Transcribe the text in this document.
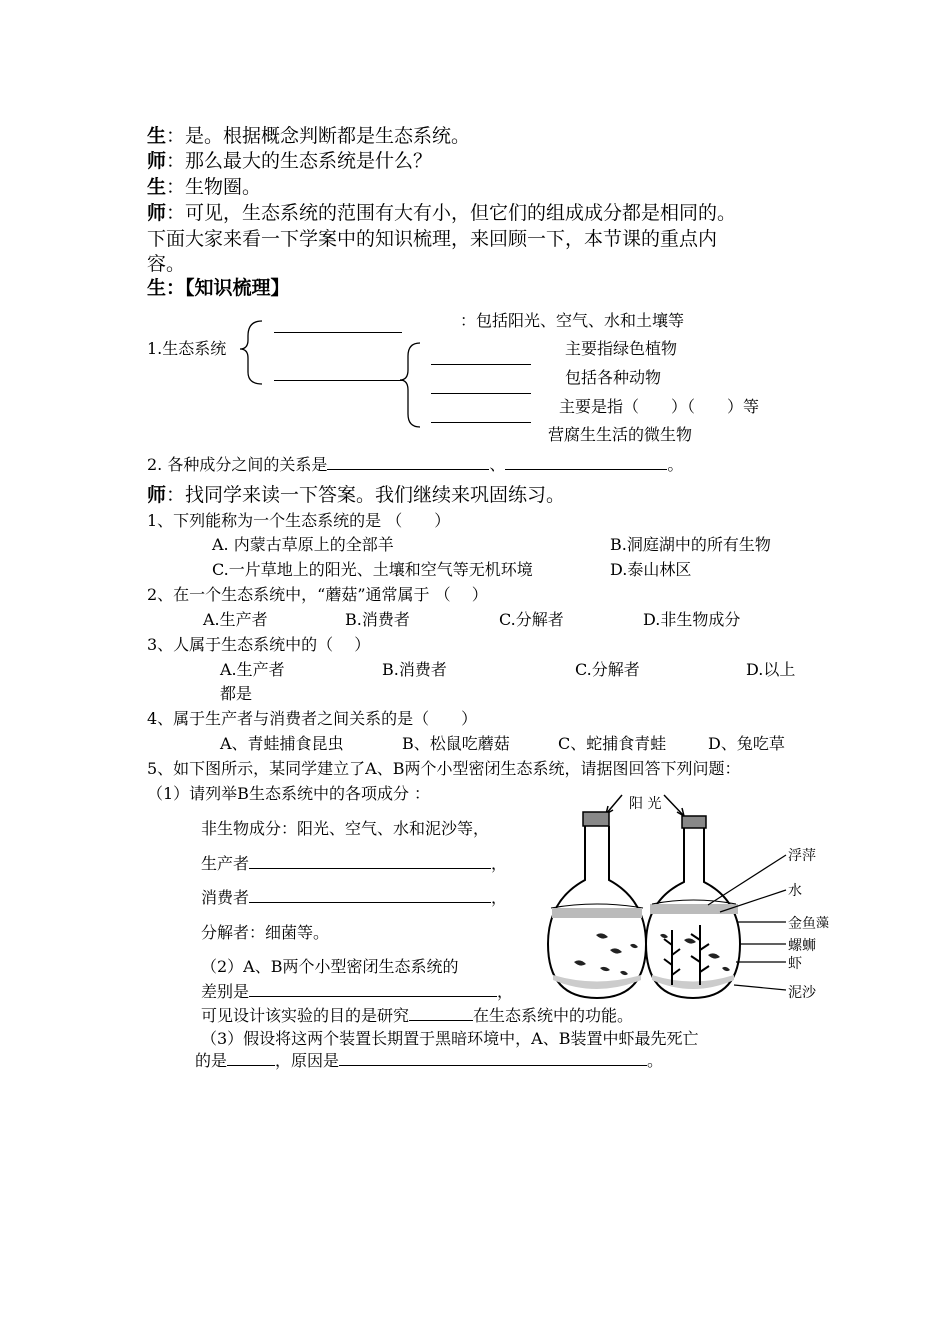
生：是。根据概念判断都是生态系统。
师：那么最大的生态系统是什么？
生：生物圈。
师：可见，生态系统的范围有大有小，但它们的组成成分都是相同的。
下面大家来看一下学案中的知识梳理，来回顾一下，本节课的重点内
容。
生：【知识梳理】
1.生态系统
：包括阳光、空气、水和土壤等
主要指绿色植物
包括各种动物
主要是指（　　）（　　）等
营腐生生活的微生物
2. 各种成分之间的关系是	、	。
师：找同学来读一下答案。我们继续来巩固练习。
1、下列能称为一个生态系统的是 （　　）
A. 内蒙古草原上的全部羊	B.洞庭湖中的所有生物
C.一片草地上的阳光、土壤和空气等无机环境	D.泰山林区
2、在一个生态系统中，“蘑菇”通常属于 （　 ）
A.生产者	B.消费者	C.分解者	D.非生物成分
3、人属于生态系统中的（　 ）
A.生产者	B.消费者	C.分解者	D.以上
都是
4、属于生产者与消费者之间关系的是（　　）
A、青蛙捕食昆虫	B、松鼠吃蘑菇	C、蛇捕食青蛙	D、兔吃草
5、如下图所示，某同学建立了A、B两个小型密闭生态系统，请据图回答下列问题：
（1）请列举B生态系统中的各项成分 ：
非生物成分：阳光、空气、水和泥沙等，
生产者	，
消费者	，
分解者：细菌等。
（2）A、B两个小型密闭生态系统的
差别是	，
可见设计该实验的目的是研究	在生态系统中的功能。
（3）假设将这两个装置长期置于黑暗环境中，A、B装置中虾最先死亡
的是	，原因是	。
阳 光
浮萍
水
金鱼 藻
螺蛳
虾
泥沙
